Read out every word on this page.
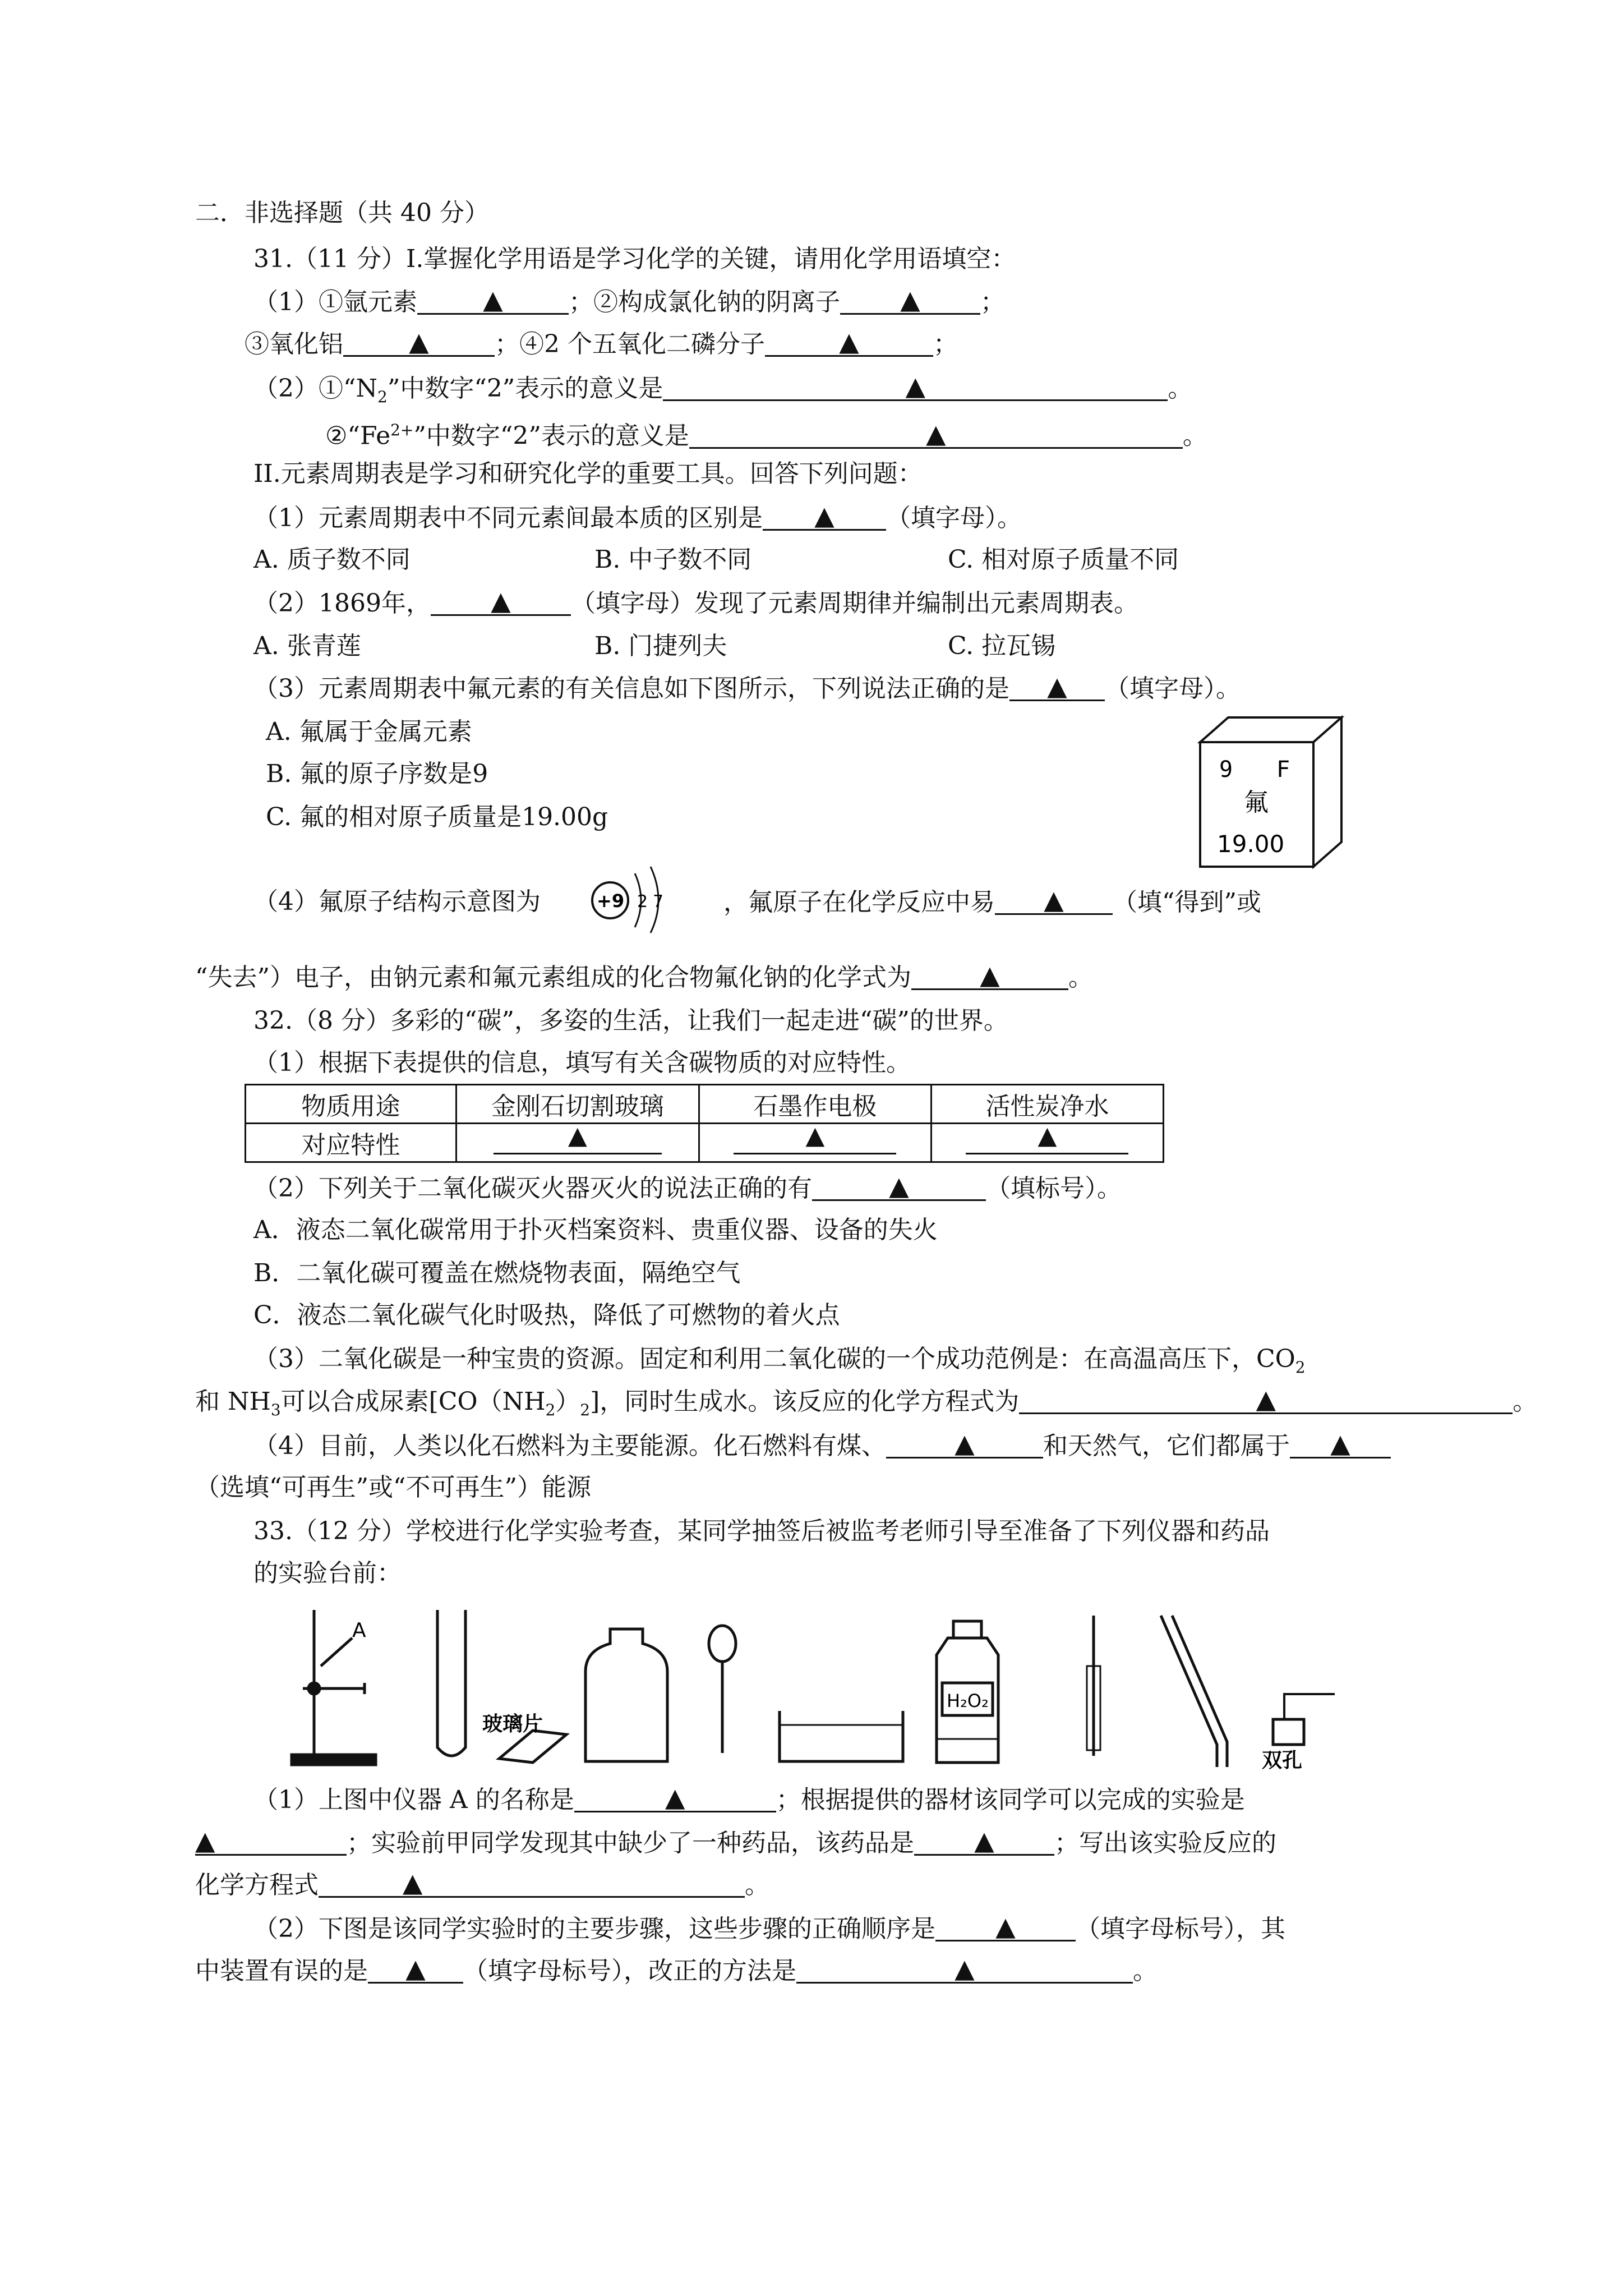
二．非选择题（共 40 分）
31.（11 分）I.掌握化学用语是学习化学的关键，请用化学用语填空：
（1）①氩元素	▲	；②构成氯化钠的阴离子	▲	；
③氧化铝	▲	；④2 个五氧化二磷分子	▲	；
$(2)①“N_2$”中数字“2”表示的意义是	▲	。
$②“Fe^{2+}$”中数字“2”表示的意义是	▲	。
II.元素周期表是学习和研究化学的重要工具。回答下列问题：
（1）元素周期表中不同元素间最本质的区别是	▲	（填字母）。
A. 质子数不同	B. 中子数不同	C. 相对原子质量不同
（2）1869年，	▲	（填字母）发现了元素周期律并编制出元素周期表。
A. 张青莲	B. 门捷列夫	C. 拉瓦锡
（3）元素周期表中氟元素的有关信息如下图所示，下列说法正确的是	▲	（填字母）。
A. 氟属于金属元素
B. 氟的原子序数是9
C. 氟的相对原子质量是19.00g
9 F
氟
19.00
（4）氟原子结构示意图为	+9 2 7 ，氟原子在化学反应中易	▲	（填“得到”或
“失去”）电子，由钠元素和氟元素组成的化合物氟化钠的化学式为	▲	。
32.（8 分）多彩的“碳”，多姿的生活，让我们一起走进“碳”的世界。
（1）根据下表提供的信息，填写有关含碳物质的对应特性。
物质用途	金刚石切割玻璃	石墨作电极	活性炭净水
对应特性	▲	▲	▲
（2）下列关于二氧化碳灭火器灭火的说法正确的有	▲	（填标号）。
A．液态二氧化碳常用于扑灭档案资料、贵重仪器、设备的失火
B．二氧化碳可覆盖在燃烧物表面，隔绝空气
C．液态二氧化碳气化时吸热，降低了可燃物的着火点
（3）二氧化碳是一种宝贵的资源。固定和利用二氧化碳的一个成功范例是：在高温高压下，$CO_2$
和 $NH_3$可以合成尿素$[CO(NH_2)_2]$，同时生成水。该反应的化学方程式为	▲	。
（4）目前，人类以化石燃料为主要能源。化石燃料有煤、	▲	和天然气，它们都属于	▲
（选填“可再生”或“不可再生”）能源
33.（12 分）学校进行化学实验考查，某同学抽签后被监考老师引导至准备了下列仪器和药品
的实验台前：
A
玻璃片
H₂O₂
双孔
（1）上图中仪器 A 的名称是	▲	；根据提供的器材该同学可以完成的实验是
▲	；实验前甲同学发现其中缺少了一种药品，该药品是	▲	；写出该实验反应的
化学方程式	▲	。
（2）下图是该同学实验时的主要步骤，这些步骤的正确顺序是	▲	（填字母标号），其
中装置有误的是	▲	（填字母标号），改正的方法是	▲	。
